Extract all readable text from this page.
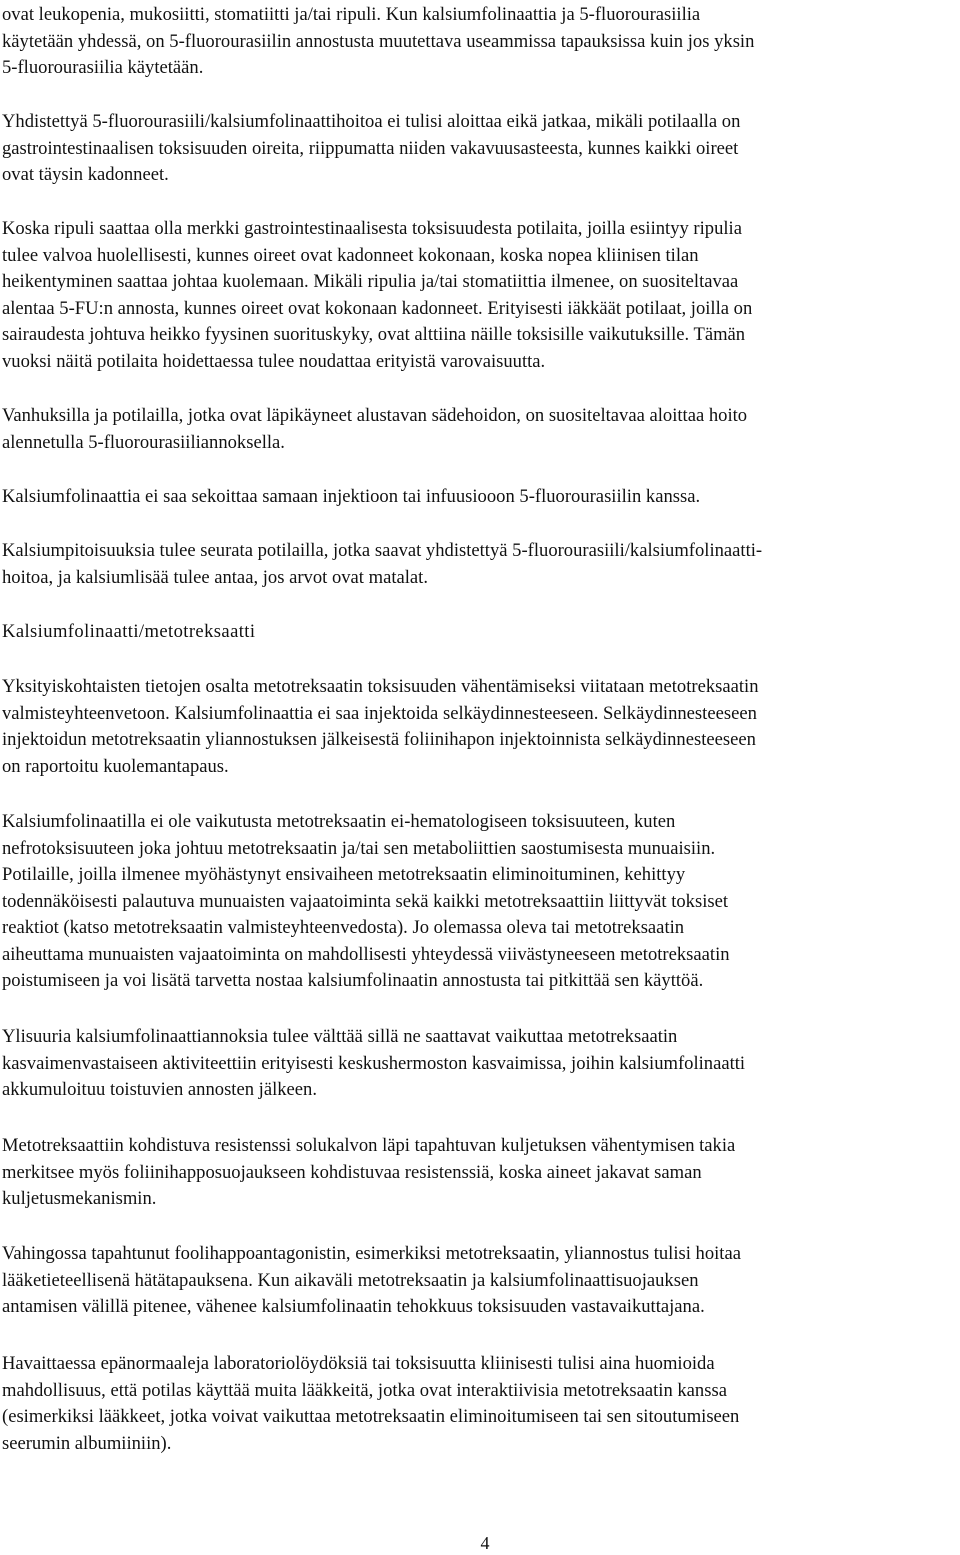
ovat leukopenia, mukosiitti, stomatiitti ja/tai ripuli. Kun kalsiumfolinaattia ja 5-fluorourasiilia
käytetään yhdessä, on 5-fluorourasiilin annostusta muutettava useammissa tapauksissa kuin jos yksin
5-fluorourasiilia käytetään.

Yhdistettyä 5-fluorourasiili/kalsiumfolinaattihoitoa ei tulisi aloittaa eikä jatkaa, mikäli potilaalla on
gastrointestinaalisen toksisuuden oireita, riippumatta niiden vakavuusasteesta, kunnes kaikki oireet
ovat täysin kadonneet.

Koska ripuli saattaa olla merkki gastrointestinaalisesta toksisuudesta potilaita, joilla esiintyy ripulia
tulee valvoa huolellisesti, kunnes oireet ovat kadonneet kokonaan, koska nopea kliinisen tilan
heikentyminen saattaa johtaa kuolemaan. Mikäli ripulia ja/tai stomatiittia ilmenee, on suositeltavaa
alentaa 5-FU:n annosta, kunnes oireet ovat kokonaan kadonneet. Erityisesti iäkkäät potilaat, joilla on
sairaudesta johtuva heikko fyysinen suorituskyky, ovat alttiina näille toksisille vaikutuksille. Tämän
vuoksi näitä potilaita hoidettaessa tulee noudattaa erityistä varovaisuutta.

Vanhuksilla ja potilailla, jotka ovat läpikäyneet alustavan sädehoidon, on suositeltavaa aloittaa hoito
alennetulla 5-fluorourasiiliannoksella.

Kalsiumfolinaattia ei saa sekoittaa samaan injektioon tai infuusiooon 5-fluorourasiilin kanssa.

Kalsiumpitoisuuksia tulee seurata potilailla, jotka saavat yhdistettyä 5-fluorourasiili/kalsiumfolinaatti-
hoitoa, ja kalsiumlisää tulee antaa, jos arvot ovat matalat.

Kalsiumfolinaatti/metotreksaatti

Yksityiskohtaisten tietojen osalta metotreksaatin toksisuuden vähentämiseksi viitataan metotreksaatin
valmisteyhteenvetoon. Kalsiumfolinaattia ei saa injektoida selkäydinnesteeseen. Selkäydinnesteeseen
injektoidun metotreksaatin yliannostuksen jälkeisestä foliinihapon injektoinnista selkäydinnesteeseen
on raportoitu kuolemantapaus.

Kalsiumfolinaatilla ei ole vaikutusta metotreksaatin ei-hematologiseen toksisuuteen, kuten
nefrotoksisuuteen joka johtuu metotreksaatin ja/tai sen metaboliittien saostumisesta munuaisiin.
Potilaille, joilla ilmenee myöhästynyt ensivaiheen metotreksaatin eliminoituminen, kehittyy
todennäköisesti palautuva munuaisten vajaatoiminta sekä kaikki metotreksaattiin liittyvät toksiset
reaktiot (katso metotreksaatin valmisteyhteenvedosta). Jo olemassa oleva tai metotreksaatin
aiheuttama munuaisten vajaatoiminta on mahdollisesti yhteydessä viivästyneeseen metotreksaatin
poistumiseen ja voi lisätä tarvetta nostaa kalsiumfolinaatin annostusta tai pitkittää sen käyttöä.

Ylisuuria kalsiumfolinaattiannoksia tulee välttää sillä ne saattavat vaikuttaa metotreksaatin
kasvaimenvastaiseen aktiviteettiin erityisesti keskushermoston kasvaimissa, joihin kalsiumfolinaatti
akkumuloituu toistuvien annosten jälkeen.

Metotreksaattiin kohdistuva resistenssi solukalvon läpi tapahtuvan kuljetuksen vähentymisen takia
merkitsee myös foliinihapposuojaukseen kohdistuvaa resistenssiä, koska aineet jakavat saman
kuljetusmekanismin.

Vahingossa tapahtunut foolihappoantagonistin, esimerkiksi metotreksaatin, yliannostus tulisi hoitaa
lääketieteellisenä hätätapauksena. Kun aikaväli metotreksaatin ja kalsiumfolinaattisuojauksen
antamisen välillä pitenee, vähenee kalsiumfolinaatin tehokkuus toksisuuden vastavaikuttajana.

Havaittaessa epänormaaleja laboratoriolöydöksiä tai toksisuutta kliinisesti tulisi aina huomioida
mahdollisuus, että potilas käyttää muita lääkkeitä, jotka ovat interaktiivisia metotreksaatin kanssa
(esimerkiksi lääkkeet, jotka voivat vaikuttaa metotreksaatin eliminoitumiseen tai sen sitoutumiseen
seerumin albumiiniin).

4
